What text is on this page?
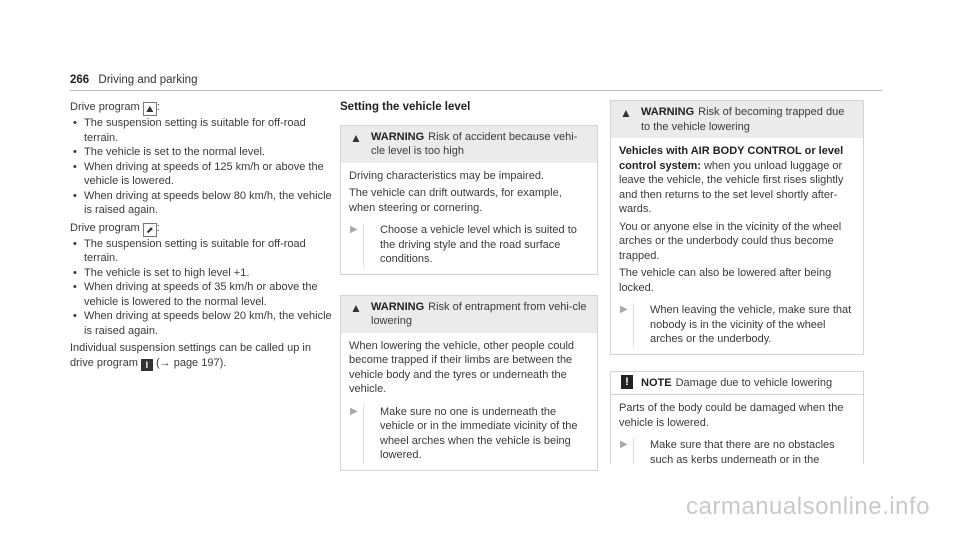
266 Driving and parking

Drive program ⛰ :

• The suspension setting is suitable for off-road terrain.
• The vehicle is set to the normal level.
• When driving at speeds of 125 km/h or above the vehicle is lowered.
• When driving at speeds below 80 km/h, the vehicle is raised again.

Drive program ⬈ :

• The suspension setting is suitable for off-road terrain.
• The vehicle is set to high level +1.
• When driving at speeds of 35 km/h or above the vehicle is lowered to the normal level.
• When driving at speeds below 20 km/h, the vehicle is raised again.

Individual suspension settings can be called up in drive program I (→ page 197).

Setting the vehicle level
▲ WARNING Risk of accident because vehi-cle level is too high

Driving characteristics may be impaired.

The vehicle can drift outwards, for example, when steering or cornering.

▶ Choose a vehicle level which is suited to the driving style and the road surface conditions.
▲ WARNING Risk of entrapment from vehi-cle lowering

When lowering the vehicle, other people could become trapped if their limbs are between the vehicle body and the tyres or underneath the vehicle.

▶ Make sure no one is underneath the vehicle or in the immediate vicinity of the wheel arches when the vehicle is being lowered.
▲ WARNING Risk of becoming trapped due to the vehicle lowering

Vehicles with AIR BODY CONTROL or level control system: when you unload luggage or leave the vehicle, the vehicle first rises slightly and then returns to the set level shortly after-wards.

You or anyone else in the vicinity of the wheel arches or the underbody could thus become trapped.

The vehicle can also be lowered after being locked.

▶ When leaving the vehicle, make sure that nobody is in the vicinity of the wheel arches or the underbody.
!	NOTE Damage due to vehicle lowering

Parts of the body could be damaged when the vehicle is lowered.

▶ Make sure that there are no obstacles such as kerbs underneath or in the
carmanualsonline.info
